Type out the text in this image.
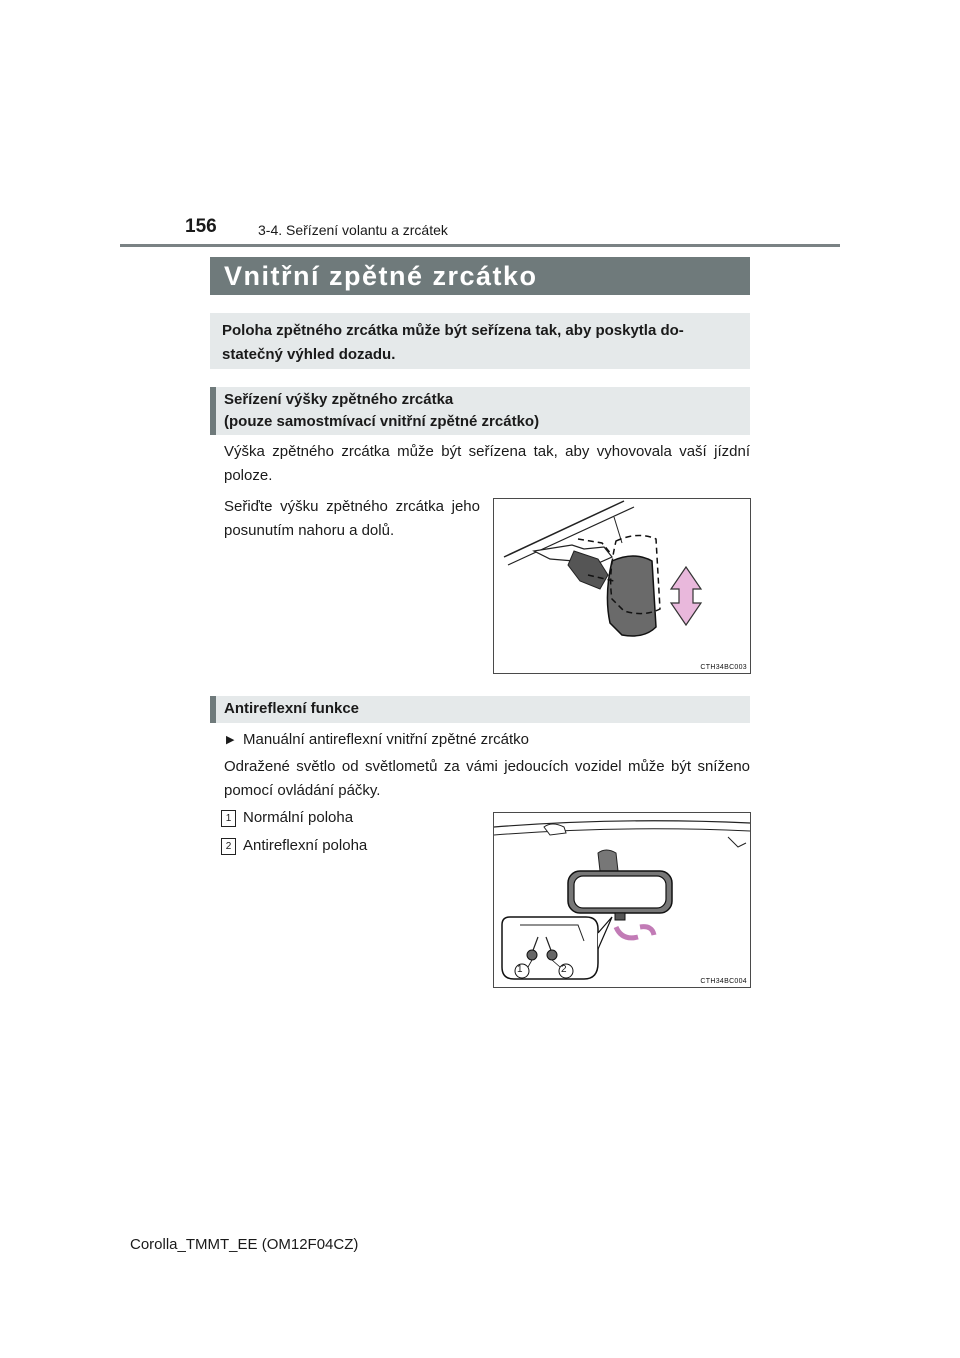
156	3-4. Seřízení volantu a zrcátek
Vnitřní zpětné zrcátko

Poloha zpětného zrcátka může být seřízena tak, aby poskytla do-statečný výhled dozadu.

Seřízení výšky zpětného zrcátka

(pouze samostmívací vnitřní zpětné zrcátko)

Výška zpětného zrcátka může být seřízena tak, aby vyhovovala vaší jízdní poloze.
Seřiďte výšku zpětného zrcátka jeho posunutím nahoru a dolů.
CTH34BC003

Antireflexní funkce

▶ Manuální antireflexní vnitřní zpětné zrcátko
Odražené světlo od světlometů za vámi jedoucích vozidel může být sníženo pomocí ovládání páčky.
1 Normální poloha
2 Antireflexní poloha
1	2
CTH34BC004
Corolla_TMMT_EE (OM12F04CZ)
